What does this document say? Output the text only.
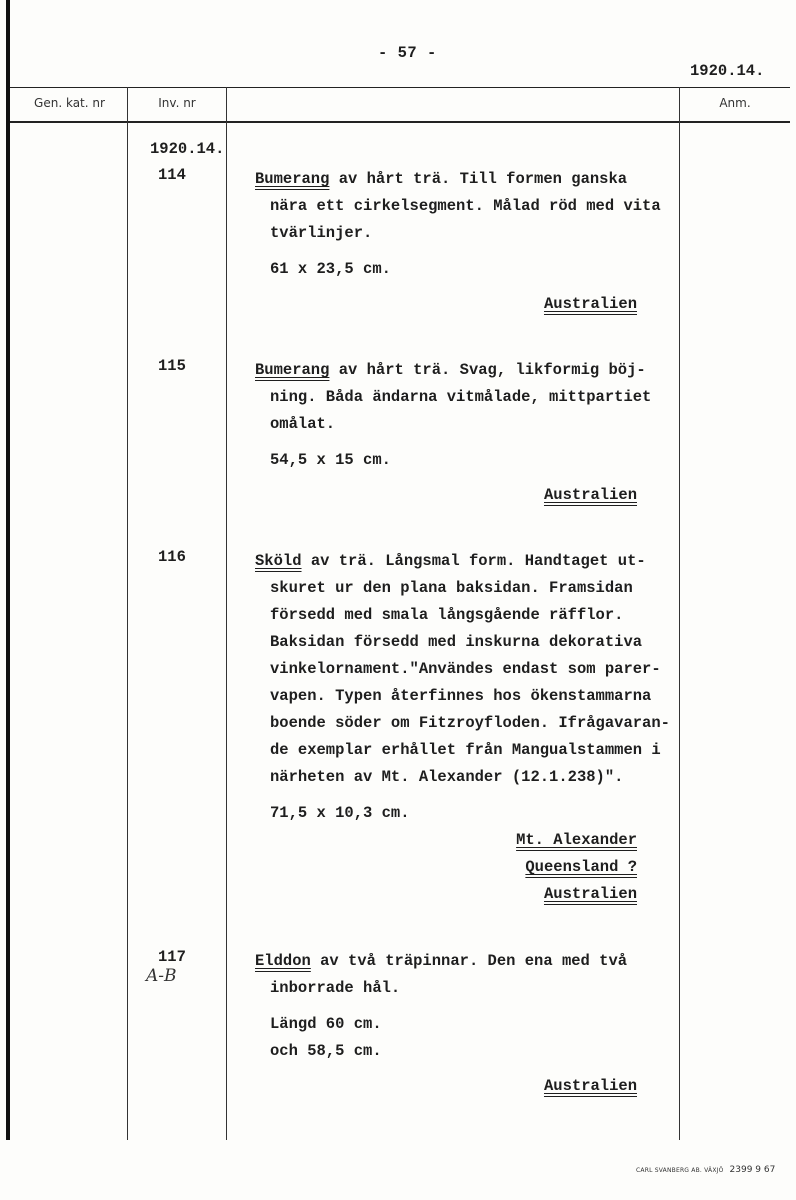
- 57 -
1920.14.
Gen. kat. nr	Inv. nr	Anm.
1920.14.
114	Bumerang av hårt trä. Till formen ganska

nära ett cirkelsegment. Målad röd med vita

tvärlinjer.

61 x 23,5 cm.

Australien
115	Bumerang av hårt trä. Svag, likformig böj-

ning. Båda ändarna vitmålade, mittpartiet

omålat.

54,5 x 15 cm.

Australien
116	Sköld av trä. Långsmal form. Handtaget ut-

skuret ur den plana baksidan. Framsidan

försedd med smala långsgående räfflor.

Baksidan försedd med inskurna dekorativa

vinkelornament."Användes endast som parer-

vapen. Typen återfinnes hos ökenstammarna

boende söder om Fitzroyfloden. Ifrågavaran-

de exemplar erhållet från Mangualstammen i

närheten av Mt. Alexander (12.1.238)".

71,5 x 10,3 cm.

Mt. Alexander
Queensland ?
Australien
117
A-B

Elddon av två träpinnar. Den ena med två

inborrade hål.

Längd 60 cm.

och 58,5 cm.

Australien
CARL SVANBERG AB. VÄXJÖ 2399 9 67
